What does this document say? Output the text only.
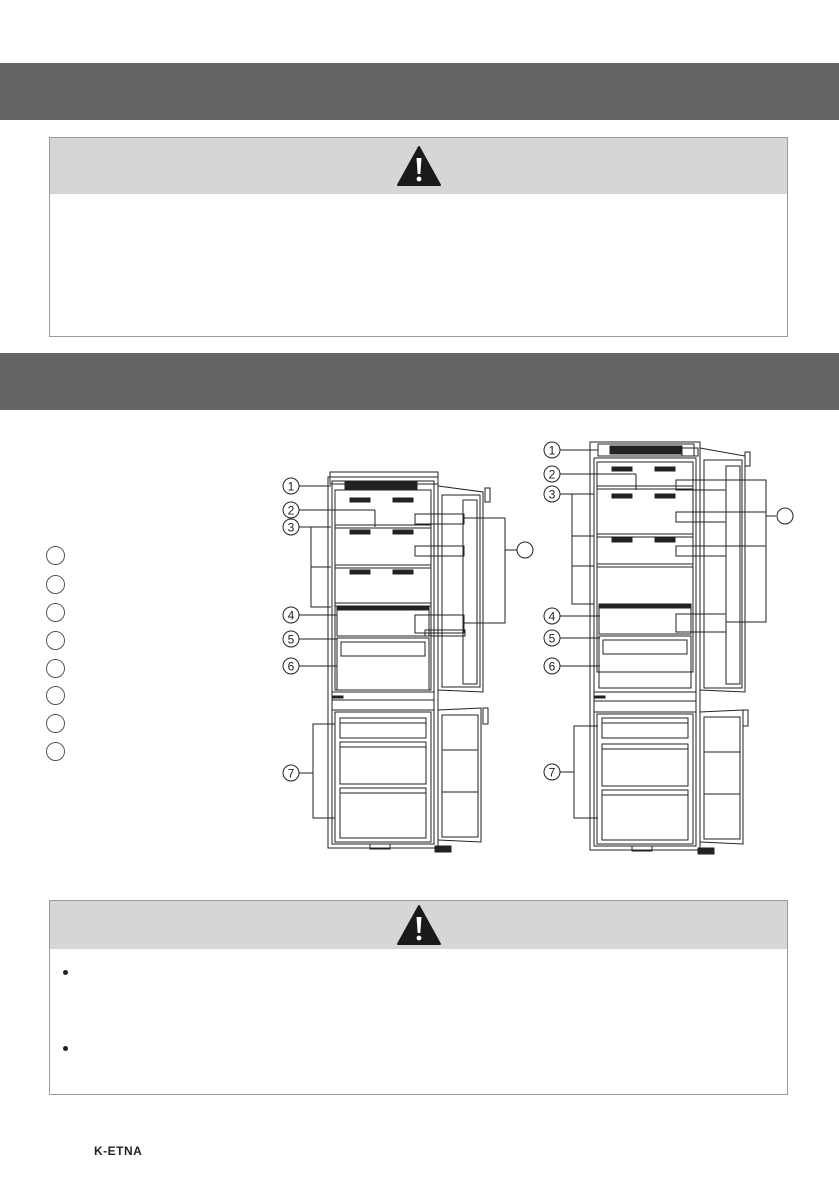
1
2
3
4
5
6
7
1
2
3
4
5
6
7
K-ETNA
